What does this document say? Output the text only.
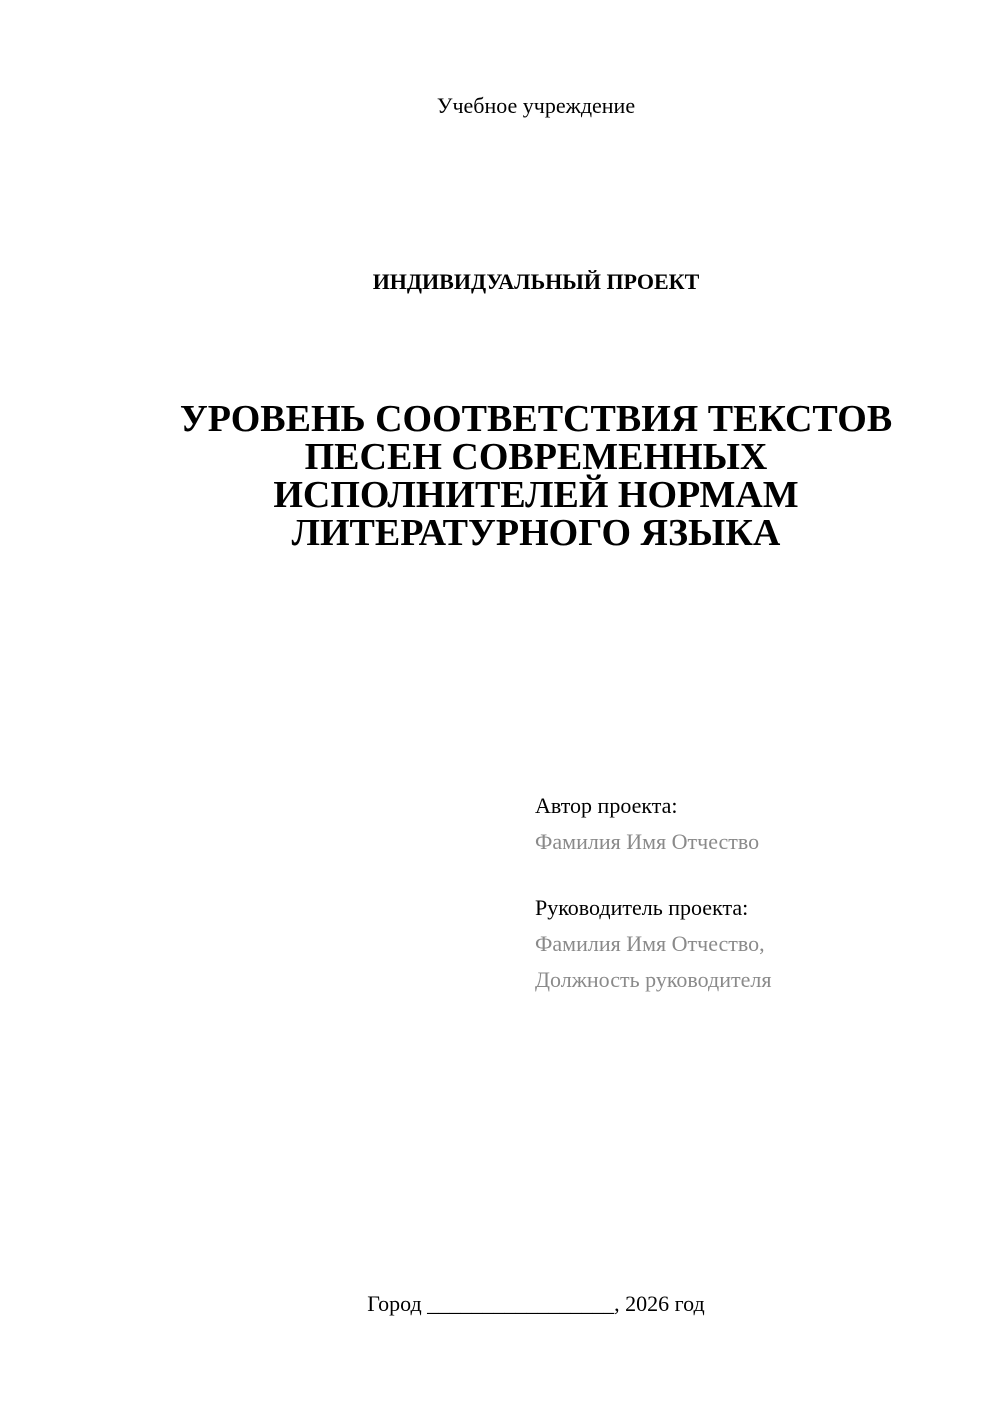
Учебное учреждение
ИНДИВИДУАЛЬНЫЙ ПРОЕКТ
УРОВЕНЬ СООТВЕТСТВИЯ ТЕКСТОВ
ПЕСЕН СОВРЕМЕННЫХ
ИСПОЛНИТЕЛЕЙ НОРМАМ
ЛИТЕРАТУРНОГО ЯЗЫКА
Автор проекта:
Фамилия Имя Отчество
Руководитель проекта:
Фамилия Имя Отчество,
Должность руководителя
Город _________________, 2026 год
